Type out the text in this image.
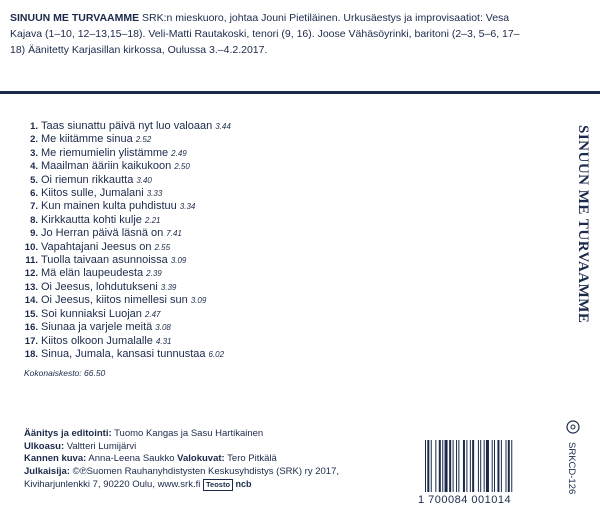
SINUUN ME TURVAAMME SRK:n mieskuoro, johtaa Jouni Pietiläinen. Urkusäestys ja improvisaatiot: Vesa Kajava (1–10, 12–13,15–18). Veli-Matti Rautakoski, tenori (9, 16). Joose Vähäsöyrinki, baritoni (2–3, 5–6, 17–18) Äänitetty Karjasillan kirkossa, Oulussa 3.–4.2.2017.
1. Taas siunattu päivä nyt luo valoaan 3.44
2. Me kiitämme sinua 2.52
3. Me riemumielin ylistämme 2.49
4. Maailman ääriin kaikukoon 2.50
5. Oi riemun rikkautta 3.40
6. Kiitos sulle, Jumalani 3.33
7. Kun mainen kulta puhdistuu 3.34
8. Kirkkautta kohti kulje 2.21
9. Jo Herran päivä läsnä on 7.41
10. Vapahtajani Jeesus on 2.55
11. Tuolla taivaan asunnoissa 3.09
12. Mä elän laupeudesta 2.39
13. Oi Jeesus, lohdutukseni 3.39
14. Oi Jeesus, kiitos nimellesi sun 3.09
15. Soi kunniaksi Luojan 2.47
16. Siunaa ja varjele meitä 3.08
17. Kiitos olkoon Jumalalle 4.31
18. Sinua, Jumala, kansasi tunnustaa 6.02
Kokonaiskesto: 66.50
Äänitys ja editointi: Tuomo Kangas ja Sasu Hartikainen
Ulkoasu: Valtteri Lumijärvi
Kannen kuva: Anna-Leena Saukko Valokuvat: Tero Pitkälä
Julkaisija: ©℗Suomen Rauhanyhdistysten Keskusyhdistys (SRK) ry 2017,
Kiviharjunlenkki 7, 90220 Oulu, www.srk.fi Teosto ncb
SINUUN ME TURVAAMME
SRKCD-126
1 700084 001014
